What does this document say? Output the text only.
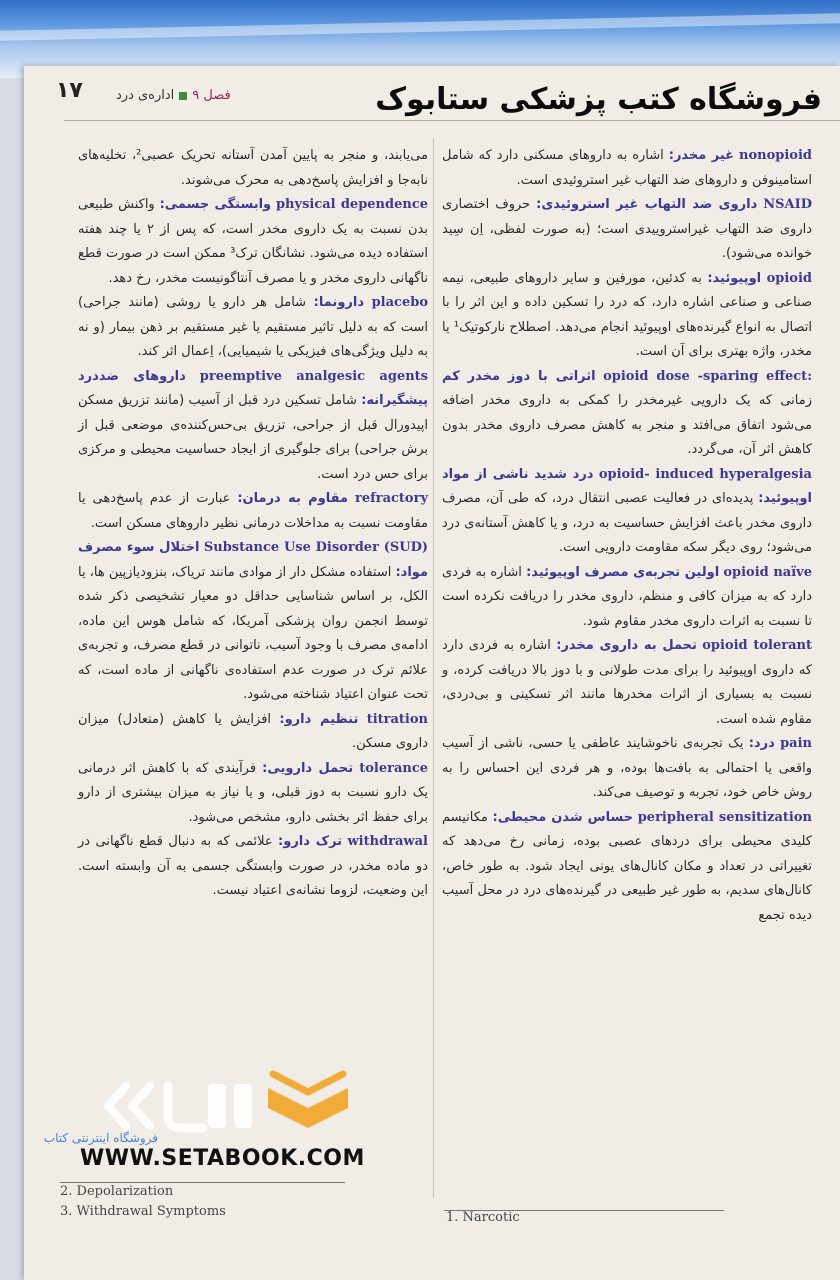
۱۷	فصل ۹اداره‌ی درد	فروشگاه کتب پزشکی ستابوک

nonopioid غیر مخدر: اشاره به داروهای مسکنی دارد که شامل استامینوفن و داروهای ضد التهاب غیر استروئیدی است.

NSAID داروی ضد التهاب غیر استروئیدی: حروف اختصاری داروی ضد التهاب غیراستروییدی است؛ (به صورت لفظی، اِن سِید خوانده می‌شود).

opioid اوپیوئید: به کدئین، مورفین و سایر داروهای طبیعی، نیمه صناعی و صناعی اشاره دارد، که درد را تسکین داده و این اثر را با اتصال به انواع گیرنده‌های اوپیوئید انجام می‌دهد. اصطلاح نارکوتیک¹ یا مخدر، واژه بهتری برای آن است.

opioid dose -sparing effect: اثراتی با دوز مخدر کم زمانی که یک دارویی غیرمخدر را کمکی به داروی مخدر اضافه می‌شود اتفاق می‌افتد و منجر به کاهش مصرف داروی مخدر بدون کاهش اثر آن، می‌گردد.

opioid- induced hyperalgesia درد شدید ناشی از مواد اوپیوئید: پدیده‌ای در فعالیت عصبی انتقال درد، که طی آن، مصرف داروی مخدر باعث افزایش حساسیت به درد، و یا کاهش آستانه‌ی درد می‌شود؛ روی دیگر سکه مقاومت دارویی است.

opioid naïve اولین تجربه‌ی مصرف اوپیوئید: اشاره به فردی دارد که به میزان کافی و منظم، داروی مخدر را دریافت نکرده است تا نسبت به اثرات داروی مخدر مقاوم شود.

opioid tolerant تحمل به داروی مخدر: اشاره به فردی دارد که داروی اوپیوئید را برای مدت طولانی و با دوز بالا دریافت کرده، و نسبت به بسیاری از اثرات مخدرها مانند اثر تسکینی و بی‌دردی، مقاوم شده است.

pain درد: یک تجربه‌ی ناخوشایند عاطفی یا حسی، ناشی از آسیب واقعی یا احتمالی به بافت‌ها بوده، و هر فردی این احساس را به روش خاص خود، تجربه و توصیف می‌کند.

peripheral sensitization حساس شدن محیطی: مکانیسم کلیدی محیطی برای دردهای عصبی بوده، زمانی رخ می‌دهد که تغییراتی در تعداد و مکان کانال‌های یونی ایجاد شود. به طور خاص، کانال‌های سدیم، به طور غیر طبیعی در گیرنده‌های درد در محل آسیب دیده تجمع

می‌یابند، و منجر به پایین آمدن آستانه تحریک عصبی²، تخلیه‌های نابه‌جا و افزایش پاسخ‌دهی به محرک می‌شوند.

physical dependence وابستگی جسمی: واکنش طبیعی بدن نسبت به یک داروی مخدر است، که پس از ۲ یا چند هفته استفاده دیده می‌شود. نشانگان ترک³ ممکن است در صورت قطع ناگهانی داروی مخدر و یا مصرف آنتاگونیست مخدر، رخ دهد.

placebo دارونما: شامل هر دارو یا روشی (مانند جراحی) است که به دلیل تاثیر مستقیم یا غیر مستقیم بر ذهن بیمار (و نه به دلیل ویژگی‌های فیزیکی یا شیمیایی)، اِعمال اثر کند.

preemptive analgesic agents داروهای ضددرد پیشگیرانه: شامل تسکین درد قبل از آسیب (مانند تزریق مسکن اپیدورال قبل از جراحی، تزریق بی‌حس‌کننده‌ی موضعی قبل از برش جراحی) برای جلوگیری از ایجاد حساسیت محیطی و مرکزی برای حس درد است.

refractory مقاوم به درمان: عبارت از عدم پاسخ‌دهی یا مقاومت نسبت به مداخلات درمانی نظیر داروهای مسکن است.

Substance Use Disorder (SUD) اختلال سوء مصرف مواد: استفاده مشکل دار از موادی مانند تریاک، بنزودیازپین ها، یا الکل، بر اساس شناسایی حداقل دو معیار تشخیصی ذکر شده توسط انجمن روان پزشکی آمریکا، که شامل هوس این ماده، ادامه‌ی مصرف با وجود آسیب، ناتوانی در قطع مصرف، و تجربه‌ی علائم ترک در صورت عدم استفاده‌ی ناگهانی از ماده است، که تحت عنوان اعتیاد شناخته می‌شود.

titration تنظیم دارو: افزایش یا کاهش (متعادل) میزان داروی مسکن.

tolerance تحمل دارویی: فرآیندی که با کاهش اثر درمانی یک دارو نسبت به دوز قبلی، و یا نیاز به میزان بیشتری از دارو برای حفظ اثر بخشی دارو، مشخص می‌شود.

withdrawal ترک دارو: علائمی که به دنبال قطع ناگهانی در دو ماده مخدر، در صورت وابستگی جسمی به آن وابسته است. این وضعیت، لزوما نشانه‌ی اعتیاد نیست.

2. Depolarization
3. Withdrawal Symptoms	1. Narcotic
فروشگاه اینترنتی کتاب
WWW.SETABOOK.COM
